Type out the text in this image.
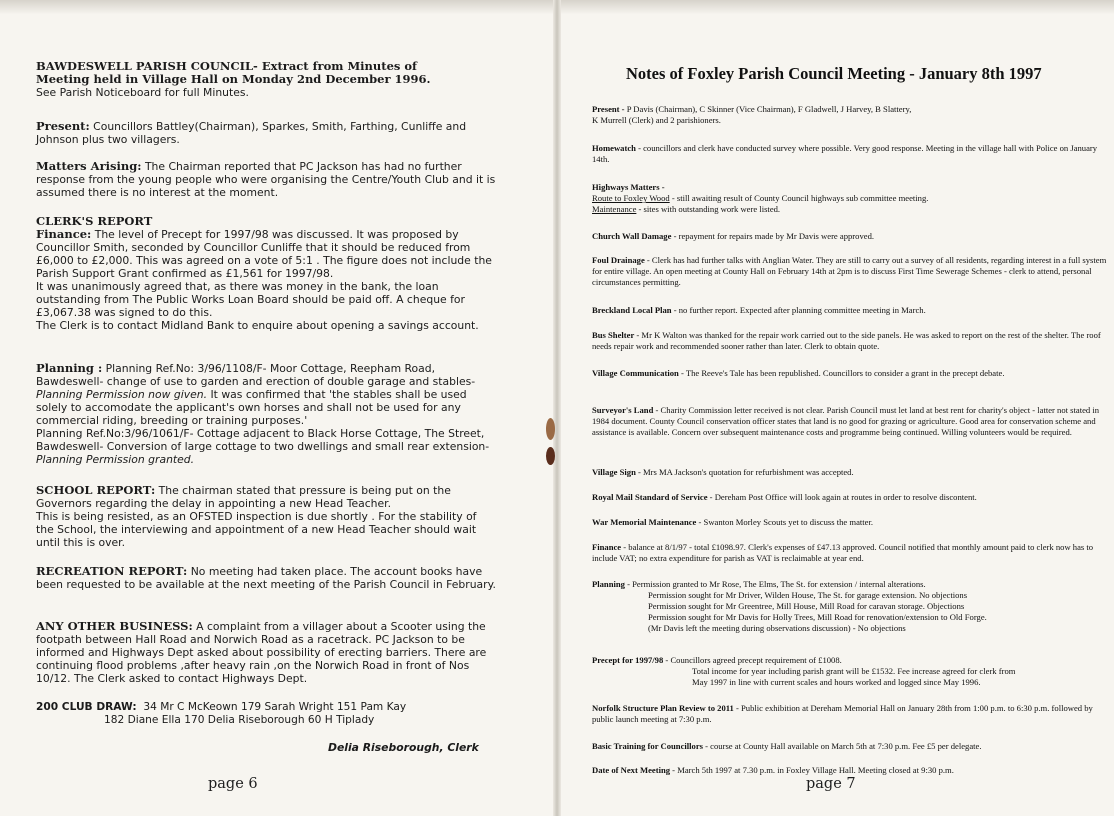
BAWDESWELL PARISH COUNCIL- Extract from Minutes of

Meeting held in Village Hall on Monday 2nd December 1996.

See Parish Noticeboard for full Minutes.

Present: Councillors Battley(Chairman), Sparkes, Smith, Farthing, Cunliffe and Johnson plus two villagers.

Matters Arising: The Chairman reported that PC Jackson has had no further response from the young people who were organising the Centre/Youth Club and it is assumed there is no interest at the moment.

CLERK'S REPORT

Finance: The level of Precept for 1997/98 was discussed. It was proposed by Councillor Smith, seconded by Councillor Cunliffe that it should be reduced from £6,000 to £2,000. This was agreed on a vote of 5:1 . The figure does not include the Parish Support Grant confirmed as £1,561 for 1997/98.

It was unanimously agreed that, as there was money in the bank, the loan outstanding from The Public Works Loan Board should be paid off. A cheque for £3,067.38 was signed to do this.

The Clerk is to contact Midland Bank to enquire about opening a savings account.

Planning : Planning Ref.No: 3/96/1108/F- Moor Cottage, Reepham Road, Bawdeswell- change of use to garden and erection of double garage and stables-Planning Permission now given. It was confirmed that 'the stables shall be used solely to accomodate the applicant's own horses and shall not be used for any commercial riding, breeding or training purposes.'

Planning Ref.No:3/96/1061/F- Cottage adjacent to Black Horse Cottage, The Street, Bawdeswell- Conversion of large cottage to two dwellings and small rear extension- Planning Permission granted.

SCHOOL REPORT: The chairman stated that pressure is being put on the Governors regarding the delay in appointing a new Head Teacher.

This is being resisted, as an OFSTED inspection is due shortly . For the stability of the School, the interviewing and appointment of a new Head Teacher should wait until this is over.

RECREATION REPORT: No meeting had taken place. The account books have been requested to be available at the next meeting of the Parish Council in February.

ANY OTHER BUSINESS: A complaint from a villager about a Scooter using the footpath between Hall Road and Norwich Road as a racetrack. PC Jackson to be informed and Highways Dept asked about possibility of erecting barriers. There are continuing flood problems ,after heavy rain ,on the Norwich Road in front of Nos 10/12. The Clerk asked to contact Highways Dept.

200 CLUB DRAW: 34 Mr C McKeown 179 Sarah Wright 151 Pam Kay
182 Diane Ella 170 Delia Riseborough 60 H Tiplady

Delia Riseborough, Clerk

page 6
Notes of Foxley Parish Council Meeting - January 8th 1997

Present - P Davis (Chairman), C Skinner (Vice Chairman), F Gladwell, J Harvey, B Slattery,

K Murrell (Clerk) and 2 parishioners.

Homewatch - councillors and clerk have conducted survey where possible. Very good response. Meeting in the village hall with Police on January 14th.

Highways Matters -

Route to Foxley Wood - still awaiting result of County Council highways sub committee meeting.

Maintenance - sites with outstanding work were listed.

Church Wall Damage - repayment for repairs made by Mr Davis were approved.

Foul Drainage - Clerk has had further talks with Anglian Water. They are still to carry out a survey of all residents, regarding interest in a full system for entire village. An open meeting at County Hall on February 14th at 2pm is to discuss First Time Sewerage Schemes - clerk to attend, personal circumstances permitting.

Breckland Local Plan - no further report. Expected after planning committee meeting in March.

Bus Shelter - Mr K Walton was thanked for the repair work carried out to the side panels. He was asked to report on the rest of the shelter. The roof needs repair work and recommended sooner rather than later. Clerk to obtain quote.

Village Communication - The Reeve's Tale has been republished. Councillors to consider a grant in the precept debate.

Surveyor's Land - Charity Commission letter received is not clear. Parish Council must let land at best rent for charity's object - latter not stated in 1984 document. County Council conservation officer states that land is no good for grazing or agriculture. Good area for conservation scheme and assistance is available. Concern over subsequent maintenance costs and programme being continued. Willing volunteers would be required.

Village Sign - Mrs MA Jackson's quotation for refurbishment was accepted.

Royal Mail Standard of Service - Dereham Post Office will look again at routes in order to resolve discontent.

War Memorial Maintenance - Swanton Morley Scouts yet to discuss the matter.

Finance - balance at 8/1/97 - total £1098.97. Clerk's expenses of £47.13 approved. Council notified that monthly amount paid to clerk now has to include VAT; no extra expenditure for parish as VAT is reclaimable at year end.

Planning - Permission granted to Mr Rose, The Elms, The St. for extension / internal alterations.

Permission sought for Mr Driver, Wilden House, The St. for garage extension. No objections

Permission sought for Mr Greentree, Mill House, Mill Road for caravan storage. Objections

Permission sought for Mr Davis for Holly Trees, Mill Road for renovation/extension to Old Forge.

(Mr Davis left the meeting during observations discussion) - No objections

Precept for 1997/98 - Councillors agreed precept requirement of £1008.

Total income for year including parish grant will be £1532. Fee increase agreed for clerk from

May 1997 in line with current scales and hours worked and logged since May 1996.

Norfolk Structure Plan Review to 2011 - Public exhibition at Dereham Memorial Hall on January 28th from 1:00 p.m. to 6:30 p.m. followed by public launch meeting at 7:30 p.m.

Basic Training for Councillors - course at County Hall available on March 5th at 7:30 p.m. Fee £5 per delegate.

Date of Next Meeting - March 5th 1997 at 7.30 p.m. in Foxley Village Hall. Meeting closed at 9:30 p.m.

page 7
